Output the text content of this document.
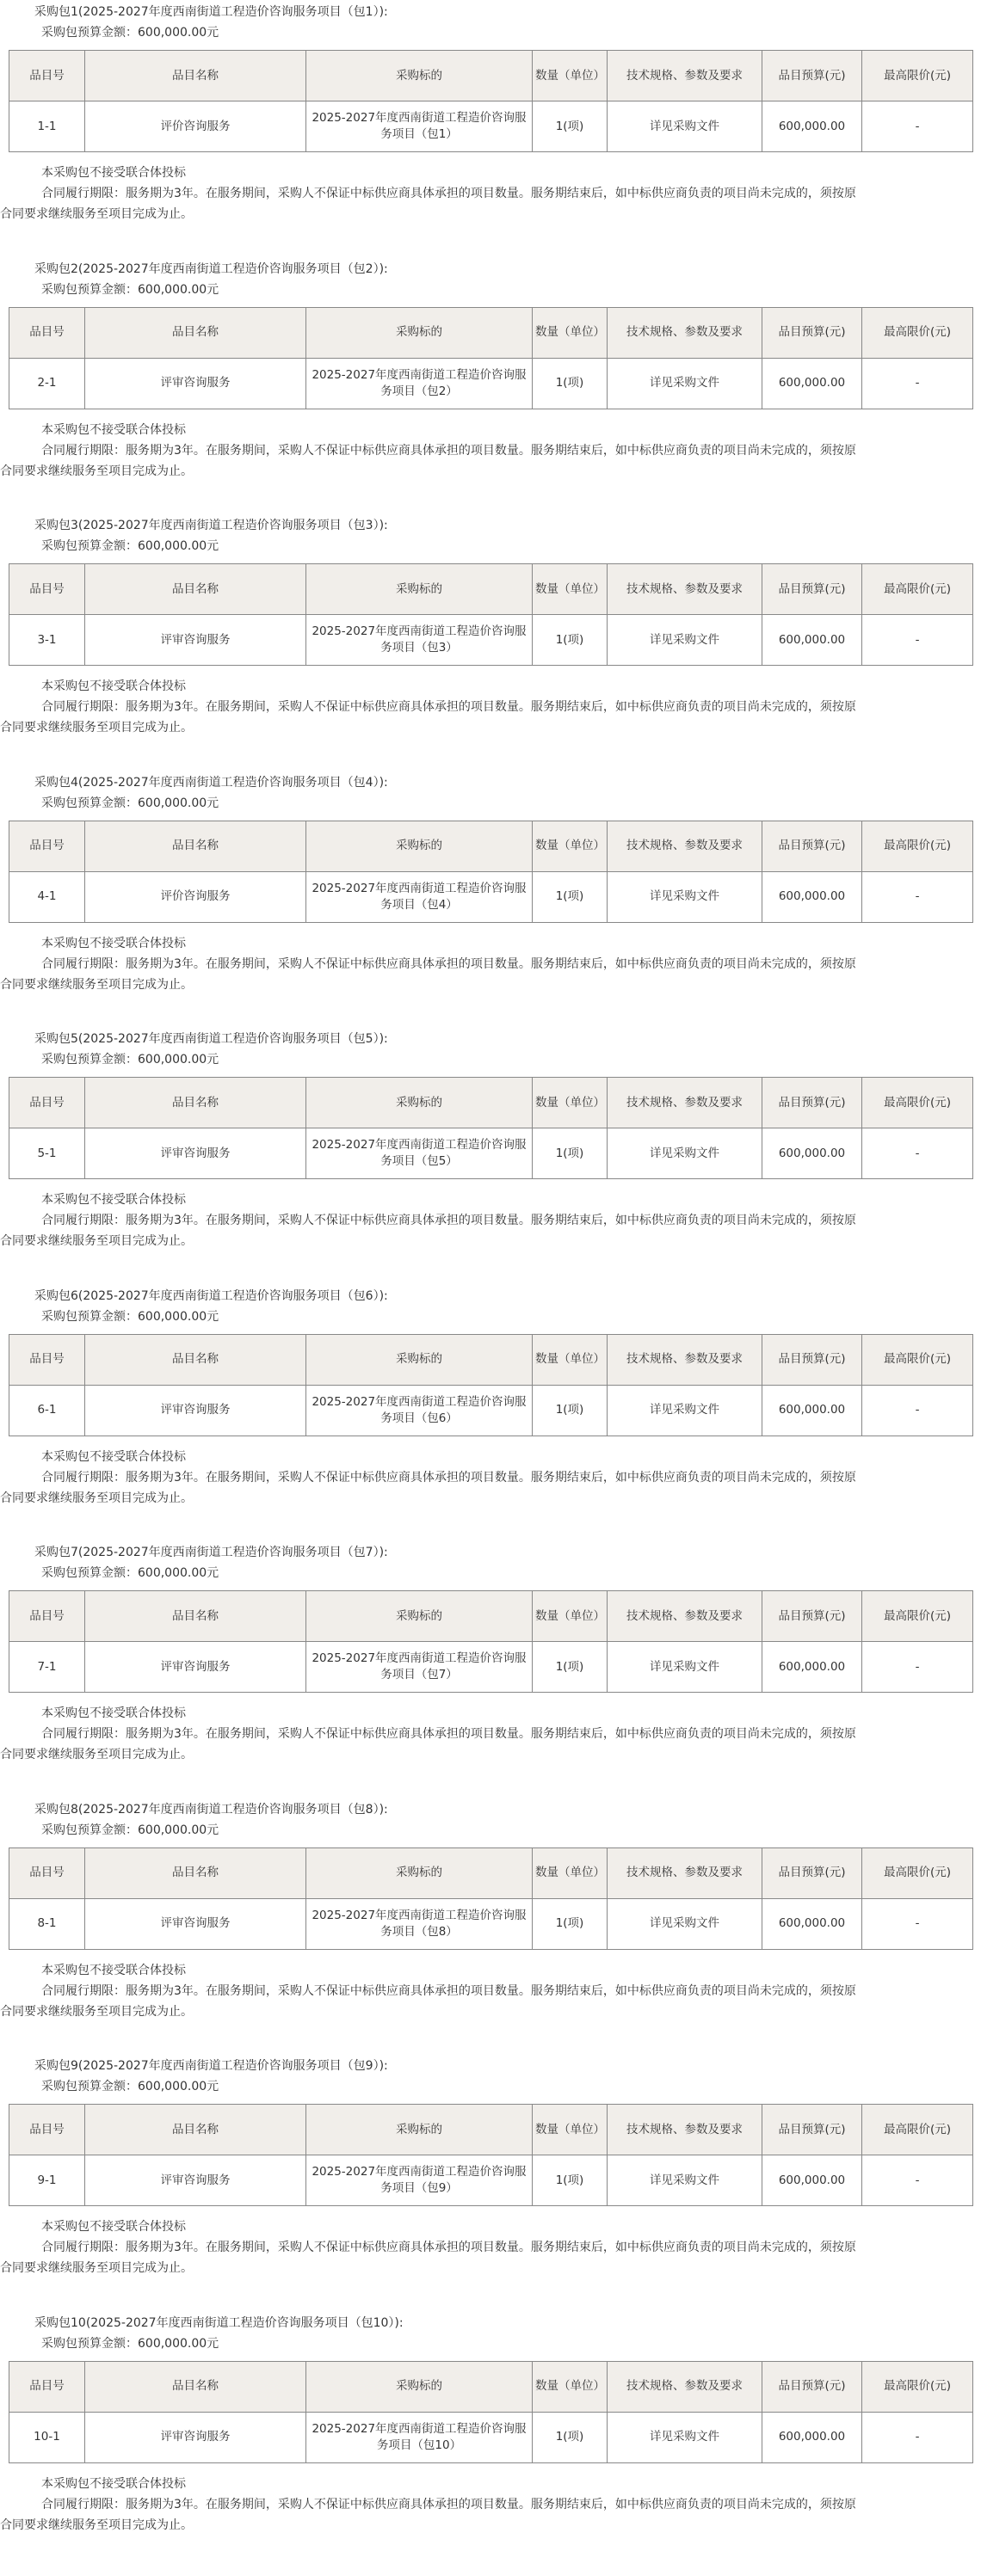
采购包1(2025-2027年度西南街道工程造价咨询服务项目（包1）):
采购包预算金额：600,000.00元
品目号	品目名称	采购标的	数量（单位）	技术规格、参数及要求	品目预算(元)	最高限价(元)
1-1	评价咨询服务	2025-2027年度西南街道工程造价咨询服务项目（包1）	1(项)	详见采购文件	600,000.00	-
本采购包不接受联合体投标
合同履行期限：服务期为3年。在服务期间，采购人不保证中标供应商具体承担的项目数量。服务期结束后，如中标供应商负责的项目尚未完成的，须按原
合同要求继续服务至项目完成为止。
采购包2(2025-2027年度西南街道工程造价咨询服务项目（包2）):
采购包预算金额：600,000.00元
品目号	品目名称	采购标的	数量（单位）	技术规格、参数及要求	品目预算(元)	最高限价(元)
2-1	评审咨询服务	2025-2027年度西南街道工程造价咨询服务项目（包2）	1(项)	详见采购文件	600,000.00	-
本采购包不接受联合体投标
合同履行期限：服务期为3年。在服务期间，采购人不保证中标供应商具体承担的项目数量。服务期结束后，如中标供应商负责的项目尚未完成的，须按原
合同要求继续服务至项目完成为止。
采购包3(2025-2027年度西南街道工程造价咨询服务项目（包3）):
采购包预算金额：600,000.00元
品目号	品目名称	采购标的	数量（单位）	技术规格、参数及要求	品目预算(元)	最高限价(元)
3-1	评审咨询服务	2025-2027年度西南街道工程造价咨询服务项目（包3）	1(项)	详见采购文件	600,000.00	-
本采购包不接受联合体投标
合同履行期限：服务期为3年。在服务期间，采购人不保证中标供应商具体承担的项目数量。服务期结束后，如中标供应商负责的项目尚未完成的，须按原
合同要求继续服务至项目完成为止。
采购包4(2025-2027年度西南街道工程造价咨询服务项目（包4）):
采购包预算金额：600,000.00元
品目号	品目名称	采购标的	数量（单位）	技术规格、参数及要求	品目预算(元)	最高限价(元)
4-1	评价咨询服务	2025-2027年度西南街道工程造价咨询服务项目（包4）	1(项)	详见采购文件	600,000.00	-
本采购包不接受联合体投标
合同履行期限：服务期为3年。在服务期间，采购人不保证中标供应商具体承担的项目数量。服务期结束后，如中标供应商负责的项目尚未完成的，须按原
合同要求继续服务至项目完成为止。
采购包5(2025-2027年度西南街道工程造价咨询服务项目（包5）):
采购包预算金额：600,000.00元
品目号	品目名称	采购标的	数量（单位）	技术规格、参数及要求	品目预算(元)	最高限价(元)
5-1	评审咨询服务	2025-2027年度西南街道工程造价咨询服务项目（包5）	1(项)	详见采购文件	600,000.00	-
本采购包不接受联合体投标
合同履行期限：服务期为3年。在服务期间，采购人不保证中标供应商具体承担的项目数量。服务期结束后，如中标供应商负责的项目尚未完成的，须按原
合同要求继续服务至项目完成为止。
采购包6(2025-2027年度西南街道工程造价咨询服务项目（包6）):
采购包预算金额：600,000.00元
品目号	品目名称	采购标的	数量（单位）	技术规格、参数及要求	品目预算(元)	最高限价(元)
6-1	评审咨询服务	2025-2027年度西南街道工程造价咨询服务项目（包6）	1(项)	详见采购文件	600,000.00	-
本采购包不接受联合体投标
合同履行期限：服务期为3年。在服务期间，采购人不保证中标供应商具体承担的项目数量。服务期结束后，如中标供应商负责的项目尚未完成的，须按原
合同要求继续服务至项目完成为止。
采购包7(2025-2027年度西南街道工程造价咨询服务项目（包7）):
采购包预算金额：600,000.00元
品目号	品目名称	采购标的	数量（单位）	技术规格、参数及要求	品目预算(元)	最高限价(元)
7-1	评审咨询服务	2025-2027年度西南街道工程造价咨询服务项目（包7）	1(项)	详见采购文件	600,000.00	-
本采购包不接受联合体投标
合同履行期限：服务期为3年。在服务期间，采购人不保证中标供应商具体承担的项目数量。服务期结束后，如中标供应商负责的项目尚未完成的，须按原
合同要求继续服务至项目完成为止。
采购包8(2025-2027年度西南街道工程造价咨询服务项目（包8）):
采购包预算金额：600,000.00元
品目号	品目名称	采购标的	数量（单位）	技术规格、参数及要求	品目预算(元)	最高限价(元)
8-1	评审咨询服务	2025-2027年度西南街道工程造价咨询服务项目（包8）	1(项)	详见采购文件	600,000.00	-
本采购包不接受联合体投标
合同履行期限：服务期为3年。在服务期间，采购人不保证中标供应商具体承担的项目数量。服务期结束后，如中标供应商负责的项目尚未完成的，须按原
合同要求继续服务至项目完成为止。
采购包9(2025-2027年度西南街道工程造价咨询服务项目（包9）):
采购包预算金额：600,000.00元
品目号	品目名称	采购标的	数量（单位）	技术规格、参数及要求	品目预算(元)	最高限价(元)
9-1	评审咨询服务	2025-2027年度西南街道工程造价咨询服务项目（包9）	1(项)	详见采购文件	600,000.00	-
本采购包不接受联合体投标
合同履行期限：服务期为3年。在服务期间，采购人不保证中标供应商具体承担的项目数量。服务期结束后，如中标供应商负责的项目尚未完成的，须按原
合同要求继续服务至项目完成为止。
采购包10(2025-2027年度西南街道工程造价咨询服务项目（包10）):
采购包预算金额：600,000.00元
品目号	品目名称	采购标的	数量（单位）	技术规格、参数及要求	品目预算(元)	最高限价(元)
10-1	评审咨询服务	2025-2027年度西南街道工程造价咨询服务项目（包10）	1(项)	详见采购文件	600,000.00	-
本采购包不接受联合体投标
合同履行期限：服务期为3年。在服务期间，采购人不保证中标供应商具体承担的项目数量。服务期结束后，如中标供应商负责的项目尚未完成的，须按原
合同要求继续服务至项目完成为止。
